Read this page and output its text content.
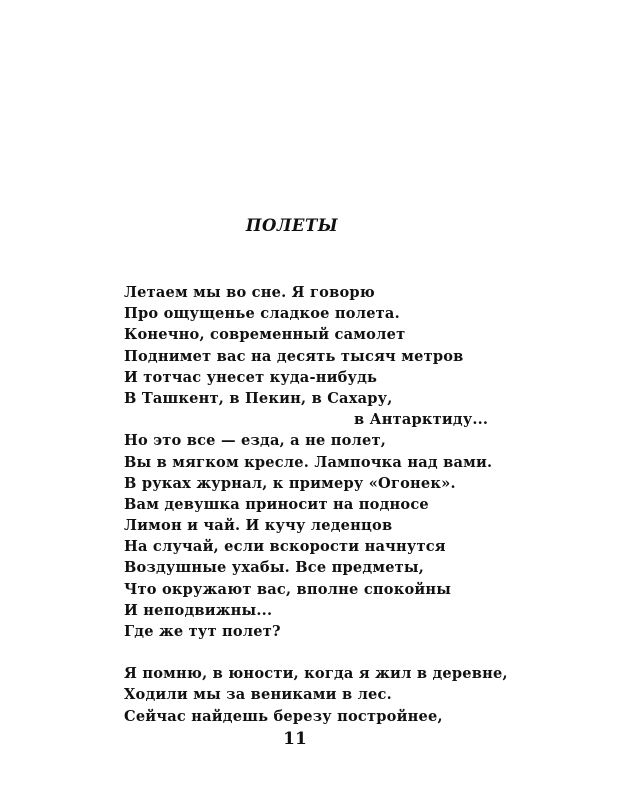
ПОЛЕТЫ
Летаем мы во сне. Я говорю
Про ощущенье сладкое полета.
Конечно, современный самолет
Поднимет вас на десять тысяч метров
И тотчас унесет куда-нибудь
В Ташкент, в Пекин, в Сахару,
в Антарктиду...
Но это все — езда, а не полет,
Вы в мягком кресле. Лампочка над вами.
В руках журнал, к примеру «Огонек».
Вам девушка приносит на подносе
Лимон и чай. И кучу леденцов
На случай, если вскорости начнутся
Воздушные ухабы. Все предметы,
Что окружают вас, вполне спокойны
И неподвижны...
Где же тут полет?
Я помню, в юности, когда я жил в деревне,
Ходили мы за вениками в лес.
Сейчас найдешь березу постройнее,
11
